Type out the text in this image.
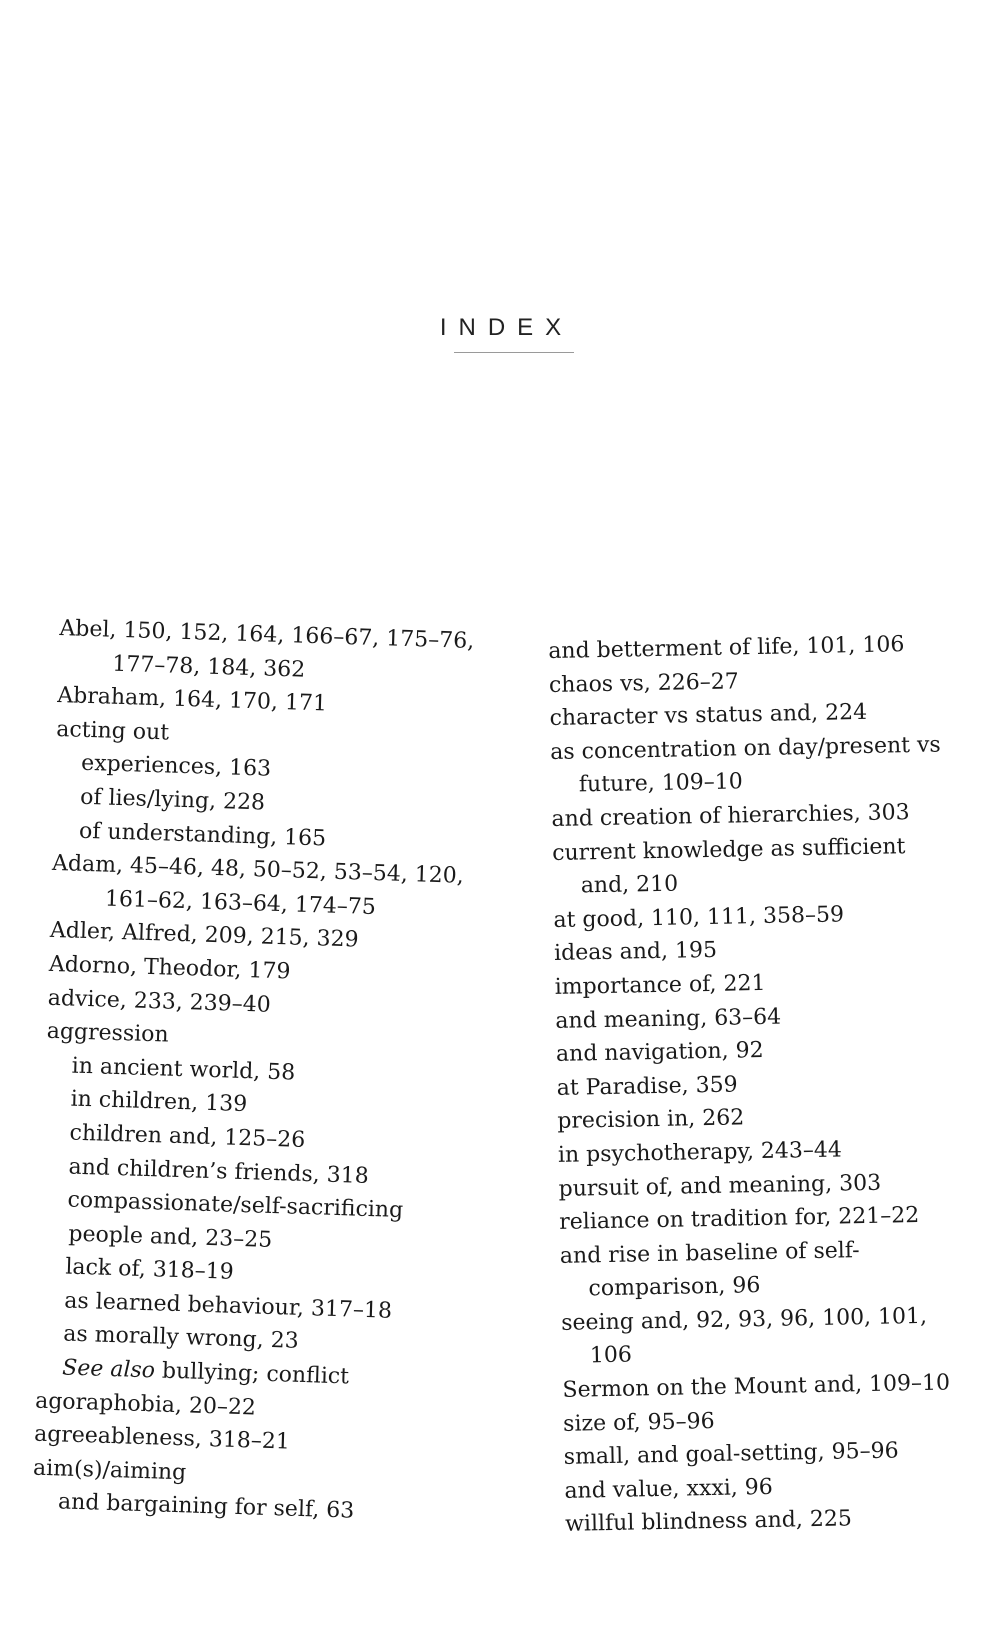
INDEX
Abel, 150, 152, 164, 166–67, 175–76,
177–78, 184, 362
Abraham, 164, 170, 171
acting out
experiences, 163
of lies/lying, 228
of understanding, 165
Adam, 45–46, 48, 50–52, 53–54, 120,
161–62, 163–64, 174–75
Adler, Alfred, 209, 215, 329
Adorno, Theodor, 179
advice, 233, 239–40
aggression
in ancient world, 58
in children, 139
children and, 125–26
and children’s friends, 318
compassionate/self-sacrificing
people and, 23–25
lack of, 318–19
as learned behaviour, 317–18
as morally wrong, 23
See also bullying; conflict
agoraphobia, 20–22
agreeableness, 318–21
aim(s)/aiming
and bargaining for self, 63
and betterment of life, 101, 106
chaos vs, 226–27
character vs status and, 224
as concentration on day/present vs
future, 109–10
and creation of hierarchies, 303
current knowledge as sufficient
and, 210
at good, 110, 111, 358–59
ideas and, 195
importance of, 221
and meaning, 63–64
and navigation, 92
at Paradise, 359
precision in, 262
in psychotherapy, 243–44
pursuit of, and meaning, 303
reliance on tradition for, 221–22
and rise in baseline of self-
comparison, 96
seeing and, 92, 93, 96, 100, 101,
106
Sermon on the Mount and, 109–10
size of, 95–96
small, and goal-setting, 95–96
and value, xxxi, 96
willful blindness and, 225
